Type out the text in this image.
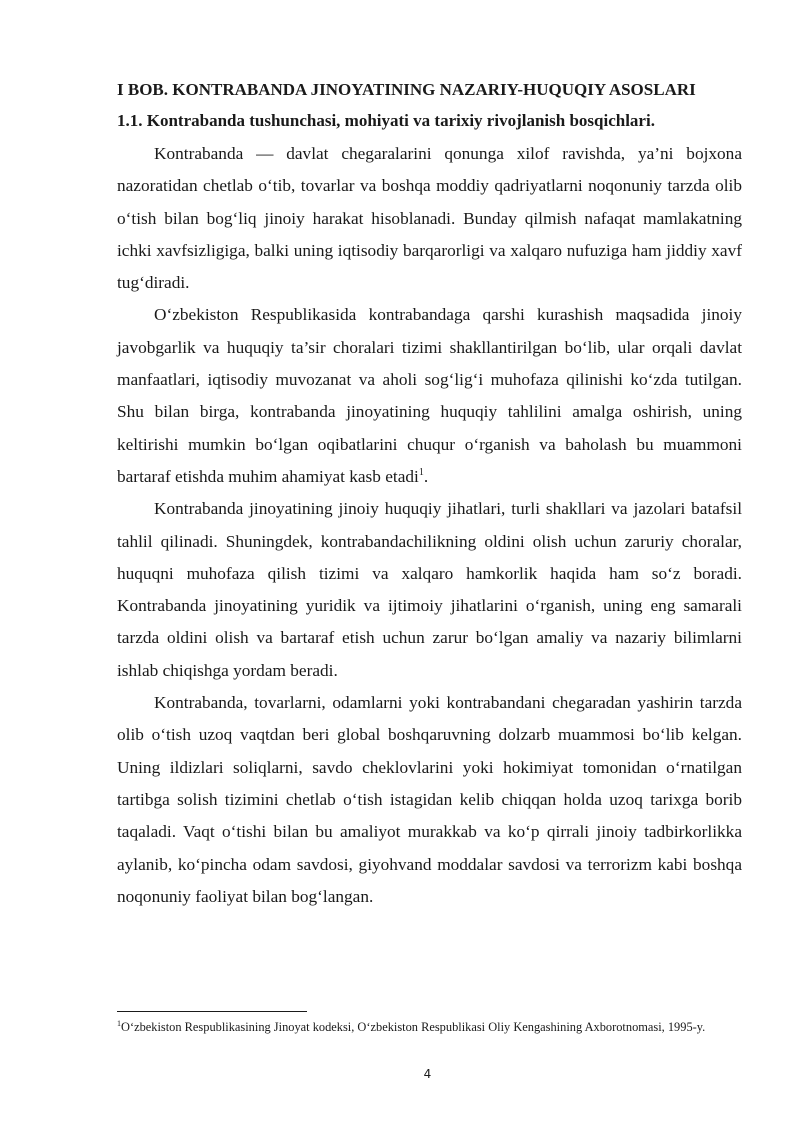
I BOB. KONTRABANDA JINOYATINING NAZARIY-HUQUQIY ASOSLARI
1.1. Kontrabanda tushunchasi, mohiyati va tarixiy rivojlanish bosqichlari.

Kontrabanda — davlat chegaralarini qonunga xilof ravishda, ya’ni bojxona nazoratidan chetlab o‘tib, tovarlar va boshqa moddiy qadriyatlarni noqonuniy tarzda olib o‘tish bilan bog‘liq jinoiy harakat hisoblanadi. Bunday qilmish nafaqat mamlakatning ichki xavfsizligiga, balki uning iqtisodiy barqarorligi va xalqaro nufuziga ham jiddiy xavf tug‘diradi.

O‘zbekiston Respublikasida kontrabandaga qarshi kurashish maqsadida jinoiy javobgarlik va huquqiy ta’sir choralari tizimi shakllantirilgan bo‘lib, ular orqali davlat manfaatlari, iqtisodiy muvozanat va aholi sog‘lig‘i muhofaza qilinishi ko‘zda tutilgan. Shu bilan birga, kontrabanda jinoyatining huquqiy tahlilini amalga oshirish, uning keltirishi mumkin bo‘lgan oqibatlarini chuqur o‘rganish va baholash bu muammoni bartaraf etishda muhim ahamiyat kasb etadi$^1$.

Kontrabanda jinoyatining jinoiy huquqiy jihatlari, turli shakllari va jazolari batafsil tahlil qilinadi. Shuningdek, kontrabandachilikning oldini olish uchun zaruriy choralar, huquqni muhofaza qilish tizimi va xalqaro hamkorlik haqida ham so‘z boradi. Kontrabanda jinoyatining yuridik va ijtimoiy jihatlarini o‘rganish, uning eng samarali tarzda oldini olish va bartaraf etish uchun zarur bo‘lgan amaliy va nazariy bilimlarni ishlab chiqishga yordam beradi.

Kontrabanda, tovarlarni, odamlarni yoki kontrabandani chegaradan yashirin tarzda olib o‘tish uzoq vaqtdan beri global boshqaruvning dolzarb muammosi bo‘lib kelgan. Uning ildizlari soliqlarni, savdo cheklovlarini yoki hokimiyat tomonidan o‘rnatilgan tartibga solish tizimini chetlab o‘tish istagidan kelib chiqqan holda uzoq tarixga borib taqaladi. Vaqt o‘tishi bilan bu amaliyot murakkab va ko‘p qirrali jinoiy tadbirkorlikka aylanib, ko‘pincha odam savdosi, giyohvand moddalar savdosi va terrorizm kabi boshqa noqonuniy faoliyat bilan bog‘langan.

$^1$O‘zbekiston Respublikasining Jinoyat kodeksi, O‘zbekiston Respublikasi Oliy Kengashining Axborotnomasi, 1995-y.

4
